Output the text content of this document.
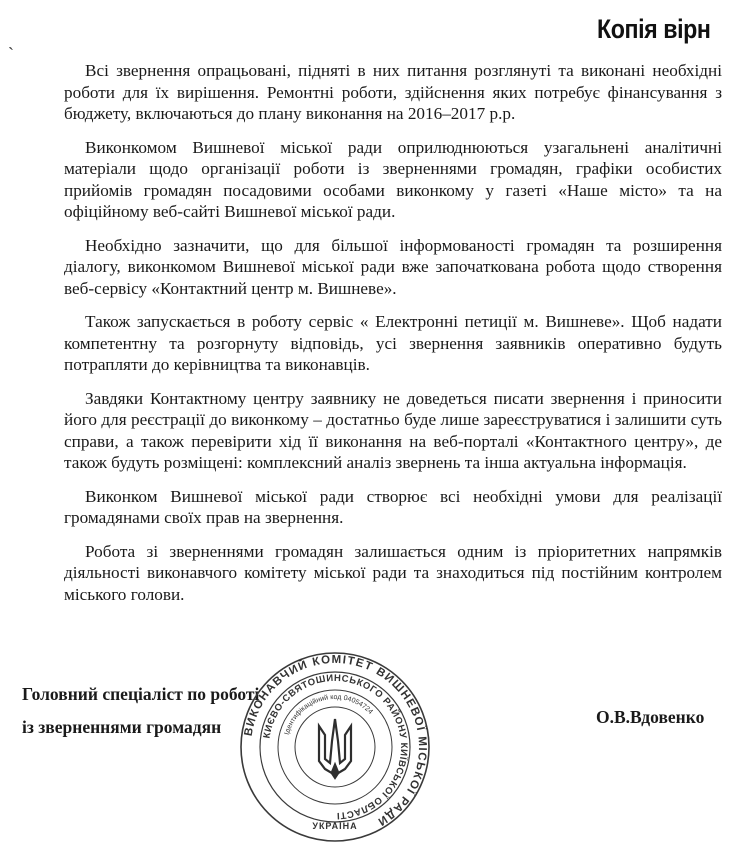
Копія вірн
`

Всі звернення опрацьовані, підняті в них питання розглянуті та виконані необхідні роботи для їх вирішення. Ремонтні роботи, здійснення яких потребує фінансування з бюджету, включаються до плану виконання на 2016–2017 р.р.

Виконкомом Вишневої міської ради оприлюднюються узагальнені аналітичні матеріали щодо організації роботи із зверненнями громадян, графіки особистих прийомів громадян посадовими особами виконкому у газеті «Наше місто» та на офіційному веб-сайті Вишневої міської ради.

Необхідно зазначити, що для більшої інформованості громадян та розширення діалогу, виконкомом Вишневої міської ради вже започаткована робота щодо створення веб-сервісу «Контактний центр м. Вишневе».

Також запускається в роботу сервіс « Електронні петиції м. Вишневе». Щоб надати компетентну та розгорнуту відповідь, усі звернення заявників оперативно будуть потрапляти до керівництва та виконавців.

Завдяки Контактному центру заявнику не доведеться писати звернення і приносити його для реєстрації до виконкому – достатньо буде лише зареєструватися і залишити суть справи, а також перевірити хід її виконання на веб-порталі «Контактного центру», де також будуть розміщені: комплексний аналіз звернень та інша актуальна інформація.

Виконком Вишневої міської ради створює всі необхідні умови для реалізації громадянами своїх прав на звернення.

Робота зі зверненнями громадян залишається одним із пріоритетних напрямків діяльності виконавчого комітету міської ради та знаходиться під постійним контролем міського голови.

Головний спеціаліст по роботі
із зверненнями громадян	О.В.Вдовенко
ВИКОНАВЧИЙ КОМІТЕТ ВИШНЕВОЇ МІСЬКОЇ РАДИ
КИЄВО-СВЯТОШИНСЬКОГО РАЙОНУ КИЇВСЬКОЇ ОБЛАСТІ
Ідентифікаційний код 04054724
УКРАЇНА
